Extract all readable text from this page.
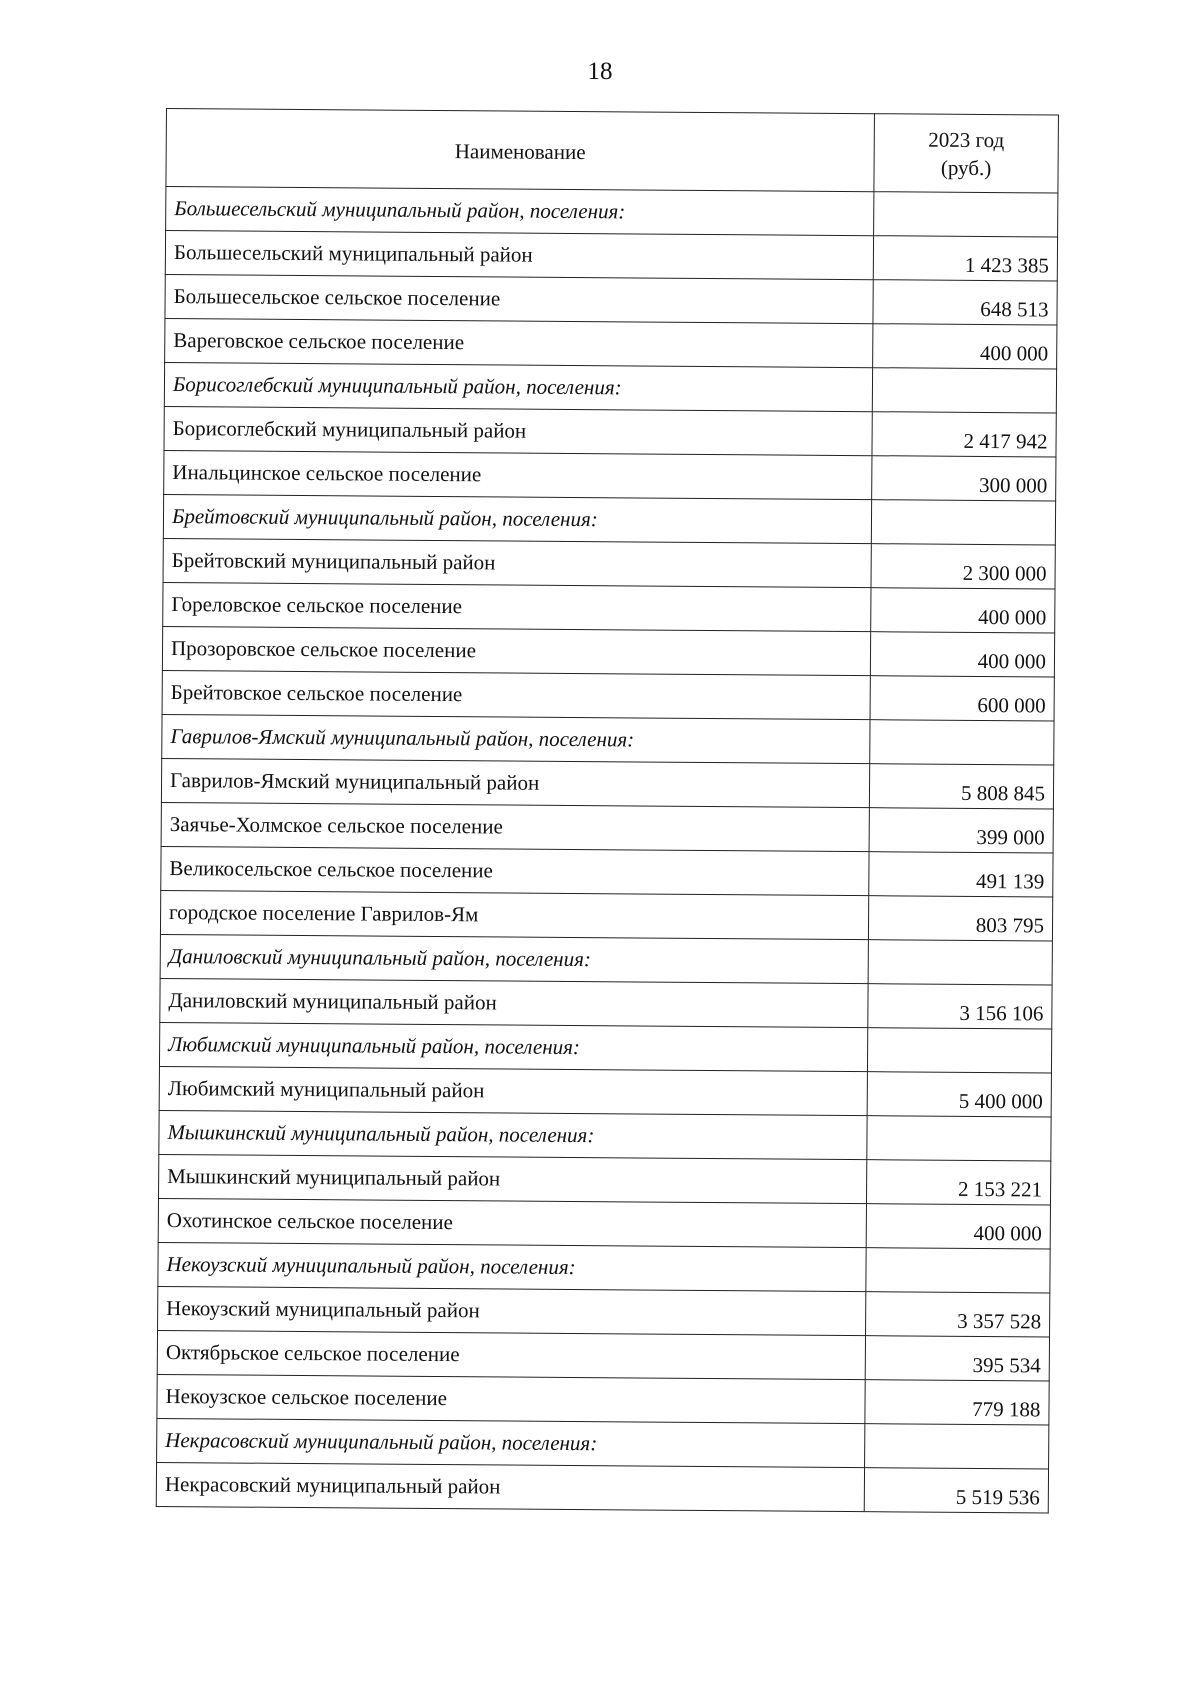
18
Наименование	2023 год
(руб.)
Большесельский муниципальный район, поселения:	
Большесельский муниципальный район	1 423 385
Большесельское сельское поселение	648 513
Вареговское сельское поселение	400 000
Борисоглебский муниципальный район, поселения:	
Борисоглебский муниципальный район	2 417 942
Инальцинское сельское поселение	300 000
Брейтовский муниципальный район, поселения:	
Брейтовский муниципальный район	2 300 000
Гореловское сельское поселение	400 000
Прозоровское сельское поселение	400 000
Брейтовское сельское поселение	600 000
Гаврилов-Ямский муниципальный район, поселения:	
Гаврилов-Ямский муниципальный район	5 808 845
Заячье-Холмское сельское поселение	399 000
Великосельское сельское поселение	491 139
городское поселение Гаврилов-Ям	803 795
Даниловский муниципальный район, поселения:	
Даниловский муниципальный район	3 156 106
Любимский муниципальный район, поселения:	
Любимский муниципальный район	5 400 000
Мышкинский муниципальный район, поселения:	
Мышкинский муниципальный район	2 153 221
Охотинское сельское поселение	400 000
Некоузский муниципальный район, поселения:	
Некоузский муниципальный район	3 357 528
Октябрьское сельское поселение	395 534
Некоузское сельское поселение	779 188
Некрасовский муниципальный район, поселения:	
Некрасовский муниципальный район	5 519 536
